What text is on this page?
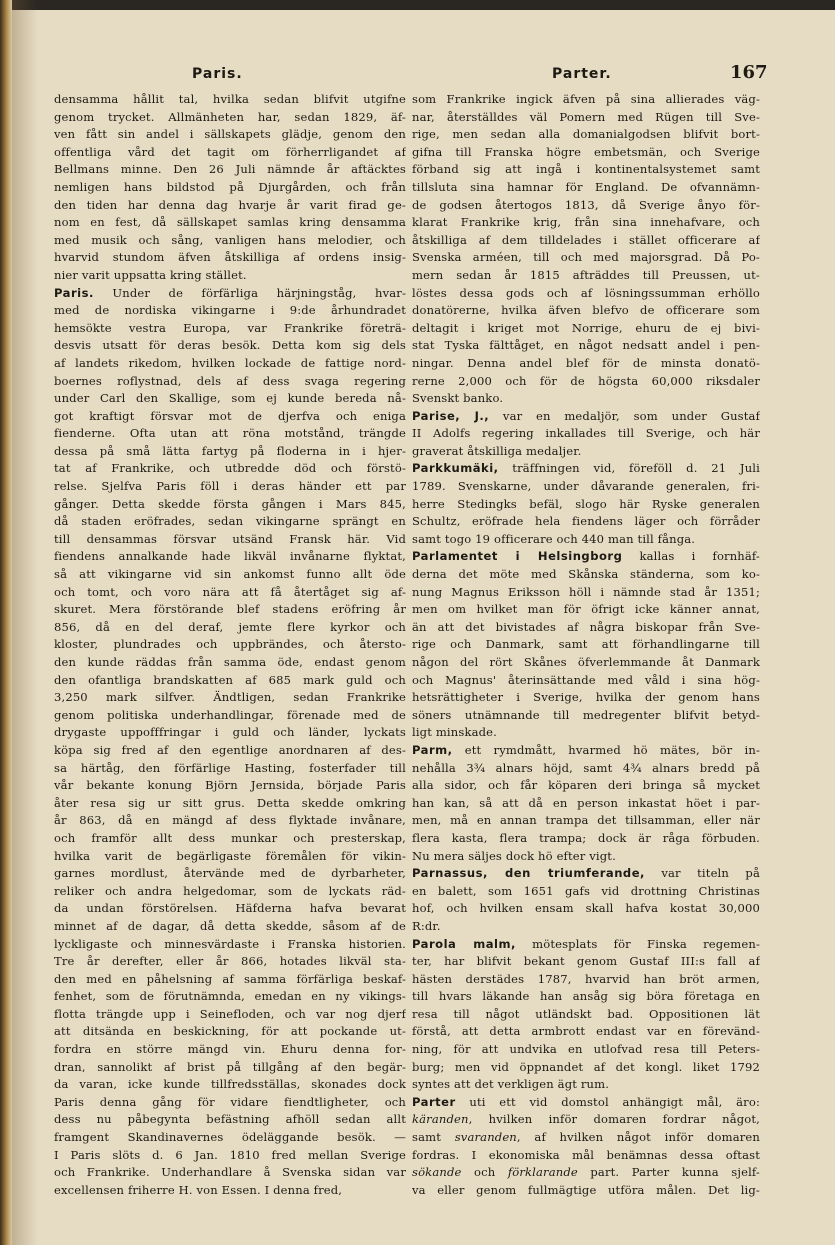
Paris.	Parter.	167
densamma hållit tal, hvilka sedan blifvit utgifne
genom trycket. Allmänheten har, sedan 1829, äf-
ven fått sin andel i sällskapets glädje, genom den
offentliga vård det tagit om förherrligandet af
Bellmans minne. Den 26 Juli nämnde år aftäcktes
nemligen hans bildstod på Djurgården, och från
den tiden har denna dag hvarje år varit firad ge-
nom en fest, då sällskapet samlas kring densamma
med musik och sång, vanligen hans melodier, och
hvarvid stundom äfven åtskilliga af ordens insig-
nier varit uppsatta kring stället.
Paris. Under de förfärliga härjningståg, hvar-
med de nordiska vikingarne i 9:de århundradet
hemsökte vestra Europa, var Frankrike företrä-
desvis utsatt för deras besök. Detta kom sig dels
af landets rikedom, hvilken lockade de fattige nord-
boernes roflystnad, dels af dess svaga regering
under Carl den Skallige, som ej kunde bereda nå-
got kraftigt försvar mot de djerfva och eniga
fienderne. Ofta utan att röna motstånd, trängde
dessa på små lätta fartyg på floderna in i hjer-
tat af Frankrike, och utbredde död och förstö-
relse. Sjelfva Paris föll i deras händer ett par
gånger. Detta skedde första gången i Mars 845,
då staden eröfrades, sedan vikingarne sprängt en
till densammas försvar utsänd Fransk här. Vid
fiendens annalkande hade likväl invånarne flyktat,
så att vikingarne vid sin ankomst funno allt öde
och tomt, och voro nära att få återtåget sig af-
skuret. Mera förstörande blef stadens eröfring år
856, då en del deraf, jemte flere kyrkor och
kloster, plundrades och uppbrändes, och återsto-
den kunde räddas från samma öde, endast genom
den ofantliga brandskatten af 685 mark guld och
3,250 mark silfver. Ändtligen, sedan Frankrike
genom politiska underhandlingar, förenade med de
drygaste uppofffringar i guld och länder, lyckats
köpa sig fred af den egentlige anordnaren af des-
sa härtåg, den förfärlige Hasting, fosterfader till
vår bekante konung Björn Jernsida, började Paris
åter resa sig ur sitt grus. Detta skedde omkring
år 863, då en mängd af dess flyktade invånare,
och framför allt dess munkar och presterskap,
hvilka varit de begärligaste föremålen för vikin-
garnes mordlust, återvände med de dyrbarheter,
reliker och andra helgedomar, som de lyckats räd-
da undan förstörelsen. Häfderna hafva bevarat
minnet af de dagar, då detta skedde, såsom af de
lyckligaste och minnesvärdaste i Franska historien.
Tre år derefter, eller år 866, hotades likväl sta-
den med en påhelsning af samma förfärliga beskaf-
fenhet, som de förutnämnda, emedan en ny vikings-
flotta trängde upp i Seinefloden, och var nog djerf
att ditsända en beskickning, för att pockande ut-
fordra en större mängd vin. Ehuru denna for-
dran, sannolikt af brist på tillgång af den begär-
da varan, icke kunde tillfredsställas, skonades dock
Paris denna gång för vidare fiendtligheter, och
dess nu påbegynta befästning afhöll sedan allt
framgent Skandinavernes ödeläggande besök. —
I Paris slöts d. 6 Jan. 1810 fred mellan Sverige
och Frankrike. Underhandlare å Svenska sidan var
excellensen friherre H. von Essen. I denna fred,
som Frankrike ingick äfven på sina allierades väg-
nar, återställdes väl Pomern med Rügen till Sve-
rige, men sedan alla domanialgodsen blifvit bort-
gifna till Franska högre embetsmän, och Sverige
förband sig att ingå i kontinentalsystemet samt
tillsluta sina hamnar för England. De ofvannämn-
de godsen återtogos 1813, då Sverige ånyo för-
klarat Frankrike krig, från sina innehafvare, och
åtskilliga af dem tilldelades i stället officerare af
Svenska arméen, till och med majorsgrad. Då Po-
mern sedan år 1815 afträddes till Preussen, ut-
löstes dessa gods och af lösningssumman erhöllo
donatörerne, hvilka äfven blefvo de officerare som
deltagit i kriget mot Norrige, ehuru de ej bivi-
stat Tyska fälttåget, en något nedsatt andel i pen-
ningar. Denna andel blef för de minsta donatö-
rerne 2,000 och för de högsta 60,000 riksdaler
Svenskt banko.
Parise, J., var en medaljör, som under Gustaf
II Adolfs regering inkallades till Sverige, och här
graverat åtskilliga medaljer.
Parkkumäki, träffningen vid, föreföll d. 21 Juli
1789. Svenskarne, under dåvarande generalen, fri-
herre Stedingks befäl, slogo här Ryske generalen
Schultz, eröfrade hela fiendens läger och förråder
samt togo 19 officerare och 440 man till fånga.
Parlamentet i Helsingborg kallas i fornhäf-
derna det möte med Skånska ständerna, som ko-
nung Magnus Eriksson höll i nämnde stad år 1351;
men om hvilket man för öfrigt icke känner annat,
än att det bivistades af några biskopar från Sve-
rige och Danmark, samt att förhandlingarne till
någon del rört Skånes öfverlemmande åt Danmark
och Magnus' återinsättande med våld i sina hög-
hetsrättigheter i Sverige, hvilka der genom hans
söners utnämnande till medregenter blifvit betyd-
ligt minskade.
Parm, ett rymdmått, hvarmed hö mätes, bör in-
nehålla 3¾ alnars höjd, samt 4¾ alnars bredd på
alla sidor, och får köparen deri bringa så mycket
han kan, så att då en person inkastat höet i par-
men, må en annan trampa det tillsamman, eller när
flera kasta, flera trampa; dock är råga förbuden.
Nu mera säljes dock hö efter vigt.
Parnassus, den triumferande, var titeln på
en balett, som 1651 gafs vid drottning Christinas
hof, och hvilken ensam skall hafva kostat 30,000
R:dr.
Parola malm, mötesplats för Finska regemen-
ter, har blifvit bekant genom Gustaf III:s fall af
hästen derstädes 1787, hvarvid han bröt armen,
till hvars läkande han ansåg sig böra företaga en
resa till något utländskt bad. Oppositionen lät
förstå, att detta armbrott endast var en förevänd-
ning, för att undvika en utlofvad resa till Peters-
burg; men vid öppnandet af det kongl. liket 1792
syntes att det verkligen ägt rum.
Parter uti ett vid domstol anhängigt mål, äro:
käranden, hvilken inför domaren fordrar något,
samt svaranden, af hvilken något inför domaren
fordras. I ekonomiska mål benämnas dessa oftast
sökande och förklarande part. Parter kunna sjelf-
va eller genom fullmägtige utföra målen. Det lig-
